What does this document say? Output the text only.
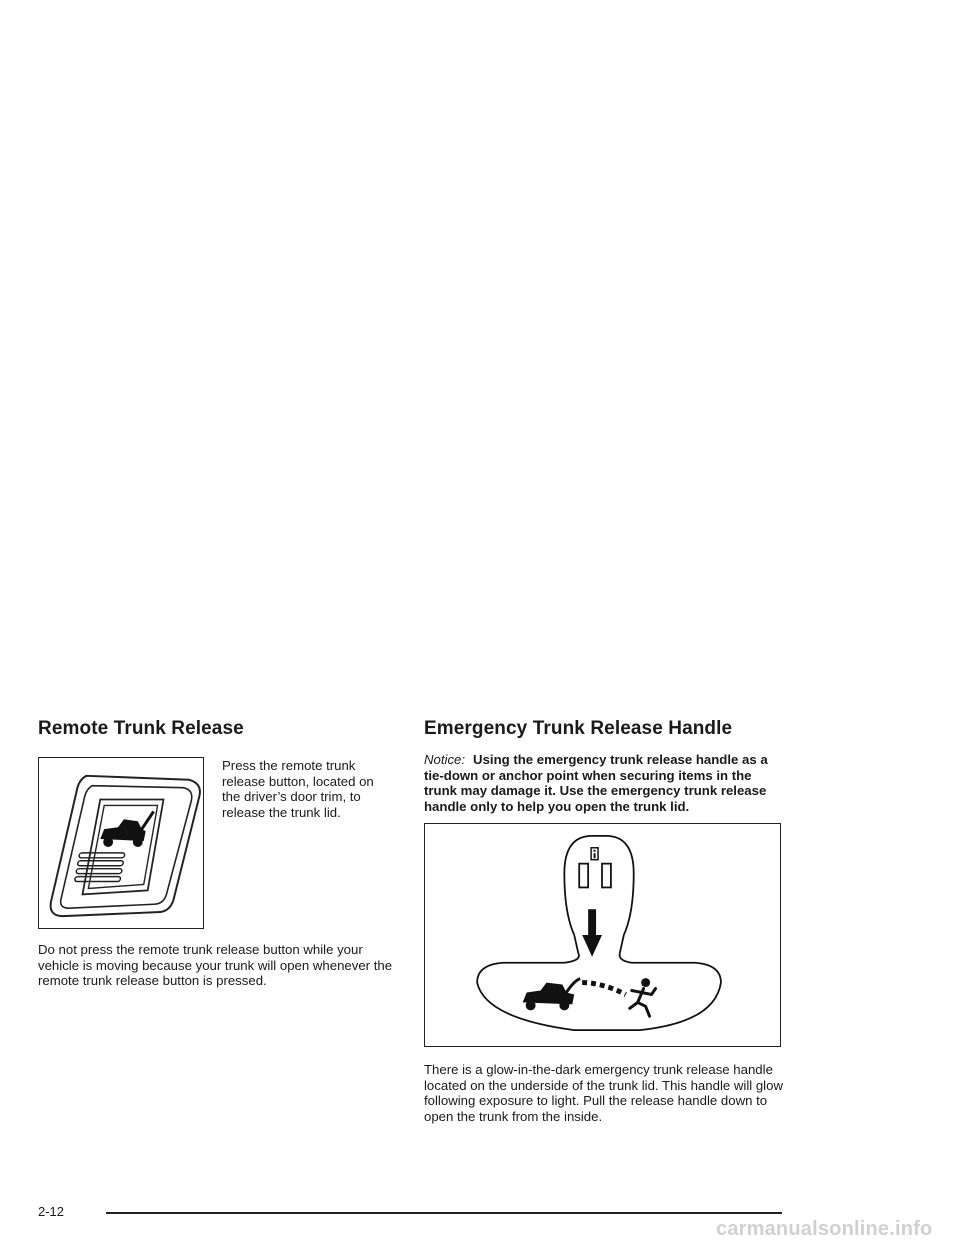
Remote Trunk Release

Press the remote trunk release button, located on the driver’s door trim, to release the trunk lid.

Do not press the remote trunk release button while your vehicle is moving because your trunk will open whenever the remote trunk release button is pressed.

Emergency Trunk Release Handle

Notice: Using the emergency trunk release handle as a tie-down or anchor point when securing items in the trunk may damage it. Use the emergency trunk release handle only to help you open the trunk lid.

There is a glow-in-the-dark emergency trunk release handle located on the underside of the trunk lid. This handle will glow following exposure to light. Pull the release handle down to open the trunk from the inside.

2-12
carmanualsonline.info
